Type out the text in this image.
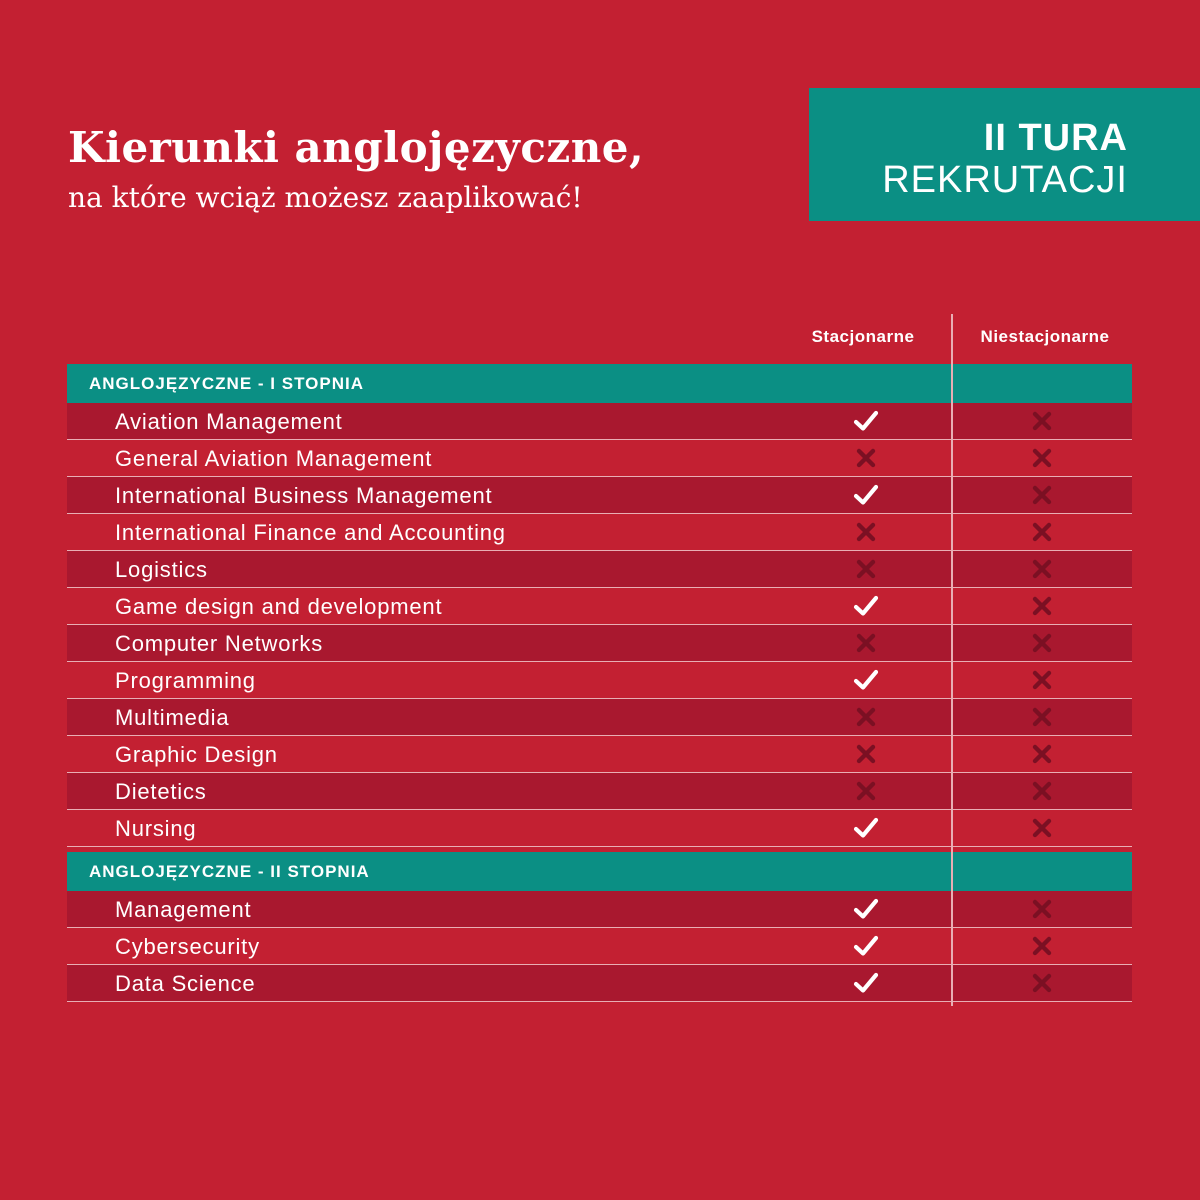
Kierunki anglojęzyczne,
na które wciąż możesz zaaplikować!
II TURA
REKRUTACJI
Stacjonarne	Niestacjonarne
ANGLOJĘZYCZNE - I STOPNIA
Aviation Management
General Aviation Management
International Business Management
International Finance and Accounting
Logistics
Game design and development
Computer Networks
Programming
Multimedia
Graphic Design
Dietetics
Nursing
ANGLOJĘZYCZNE - II STOPNIA
Management
Cybersecurity
Data Science
